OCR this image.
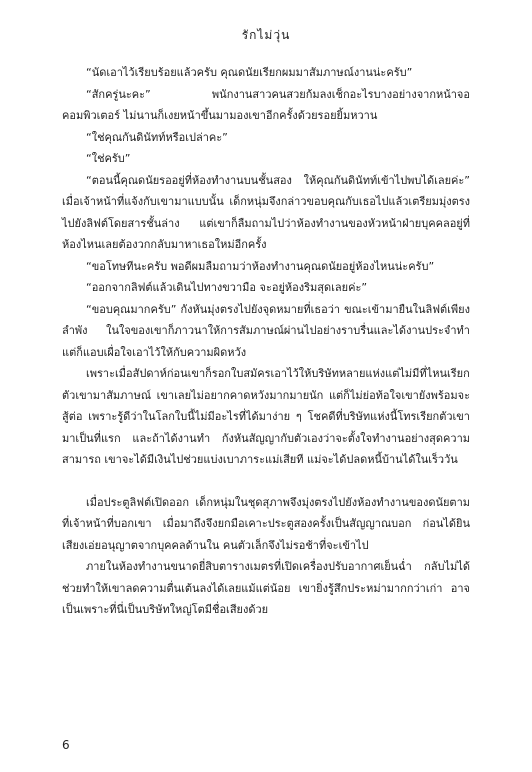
รักไม่วุ่น

“นัดเอาไว้เรียบร้อยแล้วครับ คุณดนัยเรียกผมมาสัมภาษณ์งานน่ะครับ”

“สักครู่นะคะ” พนักงานสาวคนสวยก้มลงเช็กอะไรบางอย่างจากหน้าจอคอมพิวเตอร์ ไม่นานก็เงยหน้าขึ้นมามองเขาอีกครั้งด้วยรอยยิ้มหวาน

“ใช่คุณกันดินัทท์หรือเปล่าคะ”

“ใช่ครับ”

“ตอนนี้คุณดนัยรออยู่ที่ห้องทำงานบนชั้นสอง ให้คุณกันดินัทท์เข้าไปพบได้เลยค่ะ” เมื่อเจ้าหน้าที่แจ้งกับเขามาแบบนั้น เด็กหนุ่มจึงกล่าวขอบคุณกับเธอไปแล้วเตรียมมุ่งตรงไปยังลิฟต์โดยสารชั้นล่าง แต่เขาก็ลืมถามไปว่าห้องทำงานของหัวหน้าฝ่ายบุคคลอยู่ที่ห้องไหนเลยต้องวกกลับมาหาเธอใหม่อีกครั้ง

“ขอโทษทีนะครับ พอดีผมลืมถามว่าห้องทำงานคุณดนัยอยู่ห้องไหนน่ะครับ”

“ออกจากลิฟต์แล้วเดินไปทางขวามือ จะอยู่ห้องริมสุดเลยค่ะ”

“ขอบคุณมากครับ” กังหันมุ่งตรงไปยังจุดหมายที่เธอว่า ขณะเข้ามายืนในลิฟต์เพียงลำพัง ในใจของเขาก็ภาวนาให้การสัมภาษณ์ผ่านไปอย่างราบรื่นและได้งานประจำทำ แต่ก็แอบเผื่อใจเอาไว้ให้กับความผิดหวัง

เพราะเมื่อสัปดาห์ก่อนเขาก็รอกใบสมัครเอาไว้ให้บริษัทหลายแห่งแต่ไม่มีที่ไหนเรียกตัวเขามาสัมภาษณ์ เขาเลยไม่อยากคาดหวังมากมายนัก แต่ก็ไม่ย่อท้อใจเขายังพร้อมจะสู้ต่อ เพราะรู้ดีว่าในโลกใบนี้ไม่มีอะไรที่ได้มาง่าย ๆ โชคดีที่บริษัทแห่งนี้โทรเรียกตัวเขามาเป็นที่แรก และถ้าได้งานทำ กังหันสัญญากับตัวเองว่าจะตั้งใจทำงานอย่างสุดความสามารถ เขาจะได้มีเงินไปช่วยแบ่งเบาภาระแม่เสียที แม่จะได้ปลดหนี้บ้านได้ในเร็ววัน

เมื่อประตูลิฟต์เปิดออก เด็กหนุ่มในชุดสุภาพจึงมุ่งตรงไปยังห้องทำงานของดนัยตามที่เจ้าหน้าที่บอกเขา เมื่อมาถึงจึงยกมือเคาะประตูสองครั้งเป็นสัญญาณบอก ก่อนได้ยินเสียงเอ่ยอนุญาตจากบุคคลด้านใน คนตัวเล็กจึงไม่รอช้าที่จะเข้าไป

ภายในห้องทำงานขนาดยี่สิบตารางเมตรที่เปิดเครื่องปรับอากาศเย็นฉ่ำ กลับไม่ได้ช่วยทำให้เขาลดความตื่นเต้นลงได้เลยแม้แต่น้อย เขายิ่งรู้สึกประหม่ามากกว่าเก่า อาจเป็นเพราะที่นี่เป็นบริษัทใหญ่โตมีชื่อเสียงด้วย

6
